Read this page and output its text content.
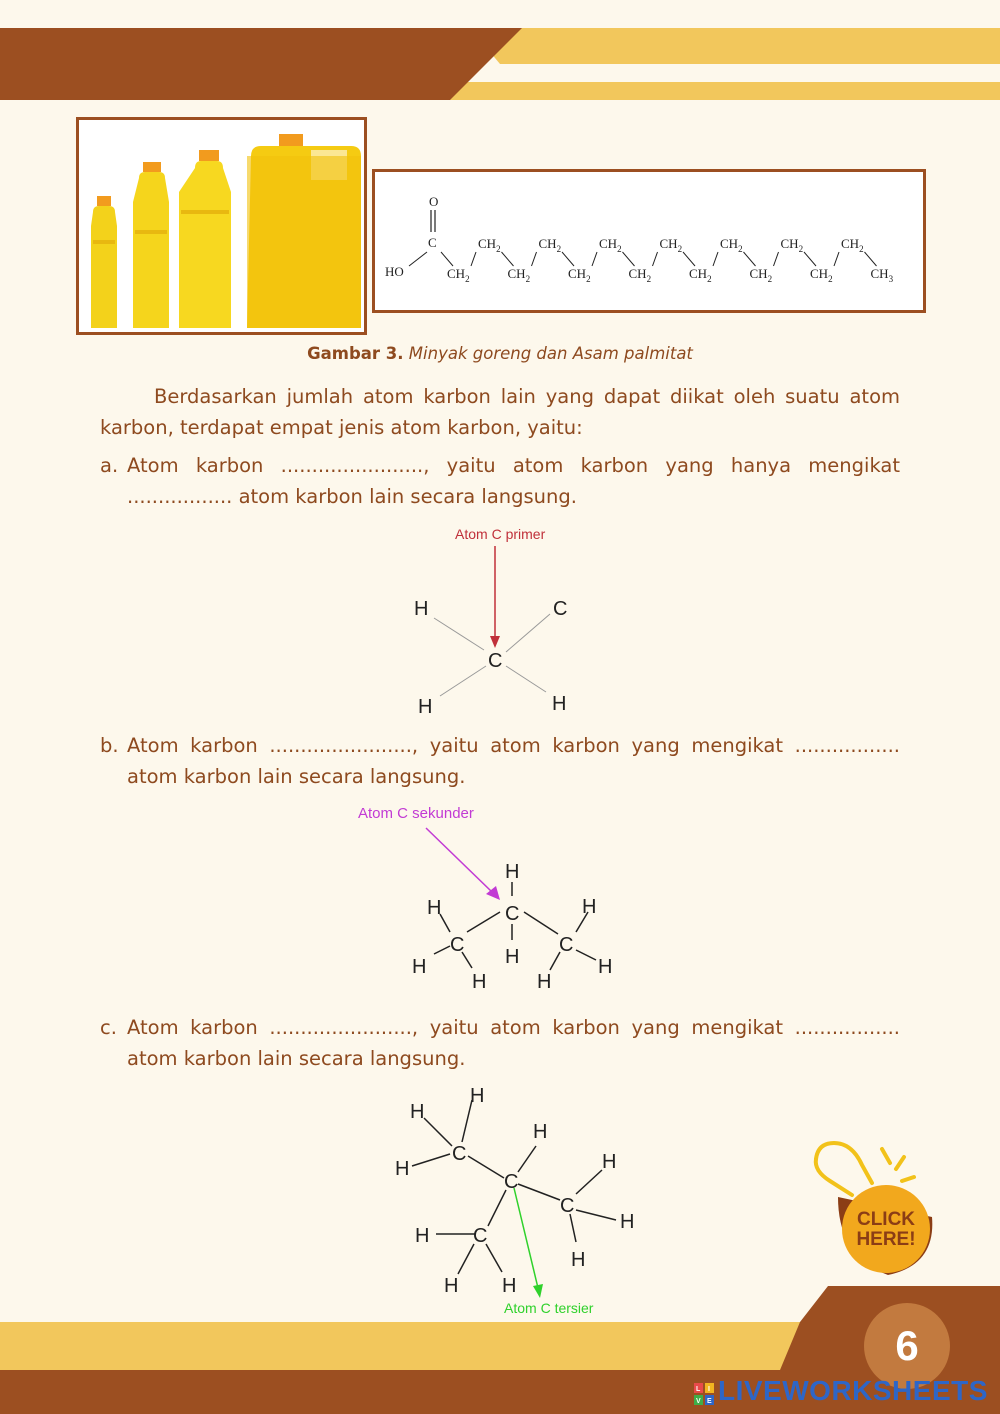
O
C
HO
$CH_2$
$CH_2$
$CH_2$
$CH_2$
$CH_2$
$CH_2$
$CH_2$
$CH_2$
$CH_2$
$CH_2$
$CH_2$
$CH_2$
$CH_2$
$CH_2$	$CH_3$
Gambar 3. Minyak goreng dan Asam palmitat
Berdasarkan jumlah atom karbon lain yang dapat diikat oleh suatu atom karbon, terdapat empat jenis atom karbon, yaitu:
a. Atom karbon ......................., yaitu atom karbon yang hanya mengikat ................. atom karbon lain secara langsung.
Atom C primer
C
H	C
H	H
b. Atom karbon ......................., yaitu atom karbon yang mengikat ................. atom karbon lain secara langsung.
Atom C sekunder
C
C	C
H
H
H
H
H
H
H
H
c. Atom karbon ......................., yaitu atom karbon yang mengikat ................. atom karbon lain secara langsung.
Atom C tersier
C
C
C
C
H
H
H
H
H
H
H
H
H H
CLICK
HERE!
6
L I
V E LIVEWORKSHEETS
